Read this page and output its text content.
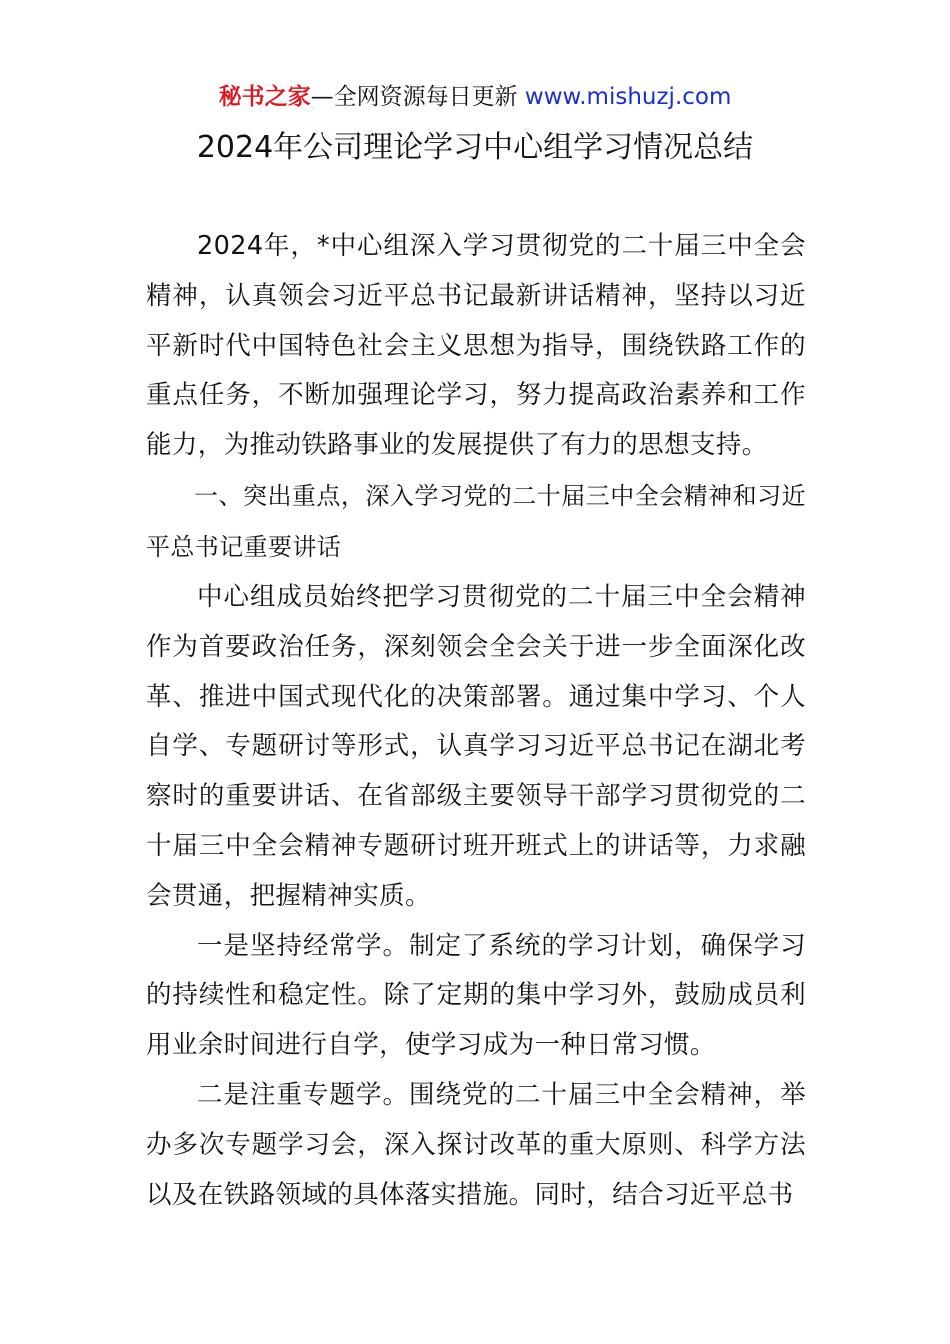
秘书之家—全网资源每日更新 www.mishuzj.com
2024年公司理论学习中心组学习情况总结

2024年，*中心组深入学习贯彻党的二十届三中全会精神，认真领会习近平总书记最新讲话精神，坚持以习近平新时代中国特色社会主义思想为指导，围绕铁路工作的重点任务，不断加强理论学习，努力提高政治素养和工作能力，为推动铁路事业的发展提供了有力的思想支持。

一、突出重点，深入学习党的二十届三中全会精神和习近平总书记重要讲话

中心组成员始终把学习贯彻党的二十届三中全会精神作为首要政治任务，深刻领会全会关于进一步全面深化改革、推进中国式现代化的决策部署。通过集中学习、个人自学、专题研讨等形式，认真学习习近平总书记在湖北考察时的重要讲话、在省部级主要领导干部学习贯彻党的二十届三中全会精神专题研讨班开班式上的讲话等，力求融会贯通，把握精神实质。

一是坚持经常学。制定了系统的学习计划，确保学习的持续性和稳定性。除了定期的集中学习外，鼓励成员利用业余时间进行自学，使学习成为一种日常习惯。

二是注重专题学。围绕党的二十届三中全会精神，举办多次专题学习会，深入探讨改革的重大原则、科学方法以及在铁路领域的具体落实措施。同时，结合习近平总书
